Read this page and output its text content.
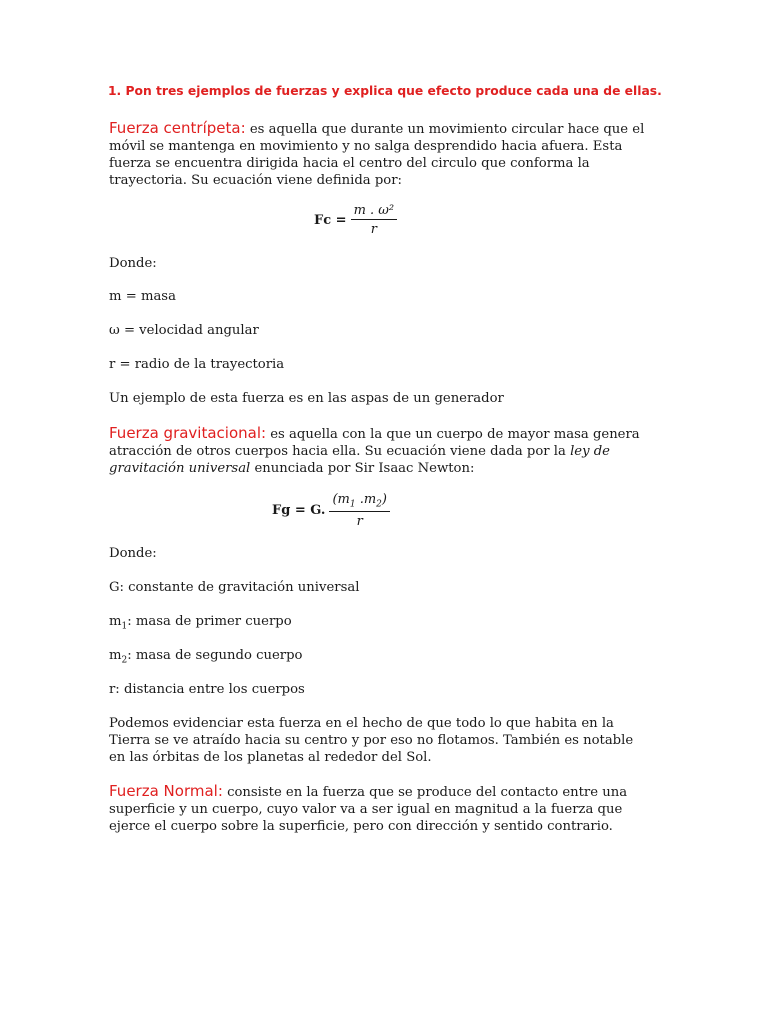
1. Pon tres ejemplos de fuerzas y explica que efecto produce cada una de ellas.

Fuerza centrípeta: es aquella que durante un movimiento circular hace que el móvil se mantenga en movimiento y no salga desprendido hacia afuera. Esta fuerza se encuentra dirigida hacia el centro del circulo que conforma la trayectoria. Su ecuación viene definida por:

$Fc = \frac{\text{m . ω²}}{r}$

Donde:

m = masa

ω = velocidad angular

r = radio de la trayectoria

Un ejemplo de esta fuerza es en las aspas de un generador

Fuerza gravitacional: es aquella con la que un cuerpo de mayor masa genera atracción de otros cuerpos hacia ella. Su ecuación viene dada por la ley de gravitación universal enunciada por Sir Isaac Newton:

Fg = G. $\frac{(m_1 .m_2)}{r}$

Donde:

G: constante de gravitación universal

$m_1$: masa de primer cuerpo

$m_2$: masa de segundo cuerpo

r: distancia entre los cuerpos

Podemos evidenciar esta fuerza en el hecho de que todo lo que habita en la Tierra se ve atraído hacia su centro y por eso no flotamos. También es notable en las órbitas de los planetas al rededor del Sol.

Fuerza Normal: consiste en la fuerza que se produce del contacto entre una superficie y un cuerpo, cuyo valor va a ser igual en magnitud a la fuerza que ejerce el cuerpo sobre la superficie, pero con dirección y sentido contrario.
